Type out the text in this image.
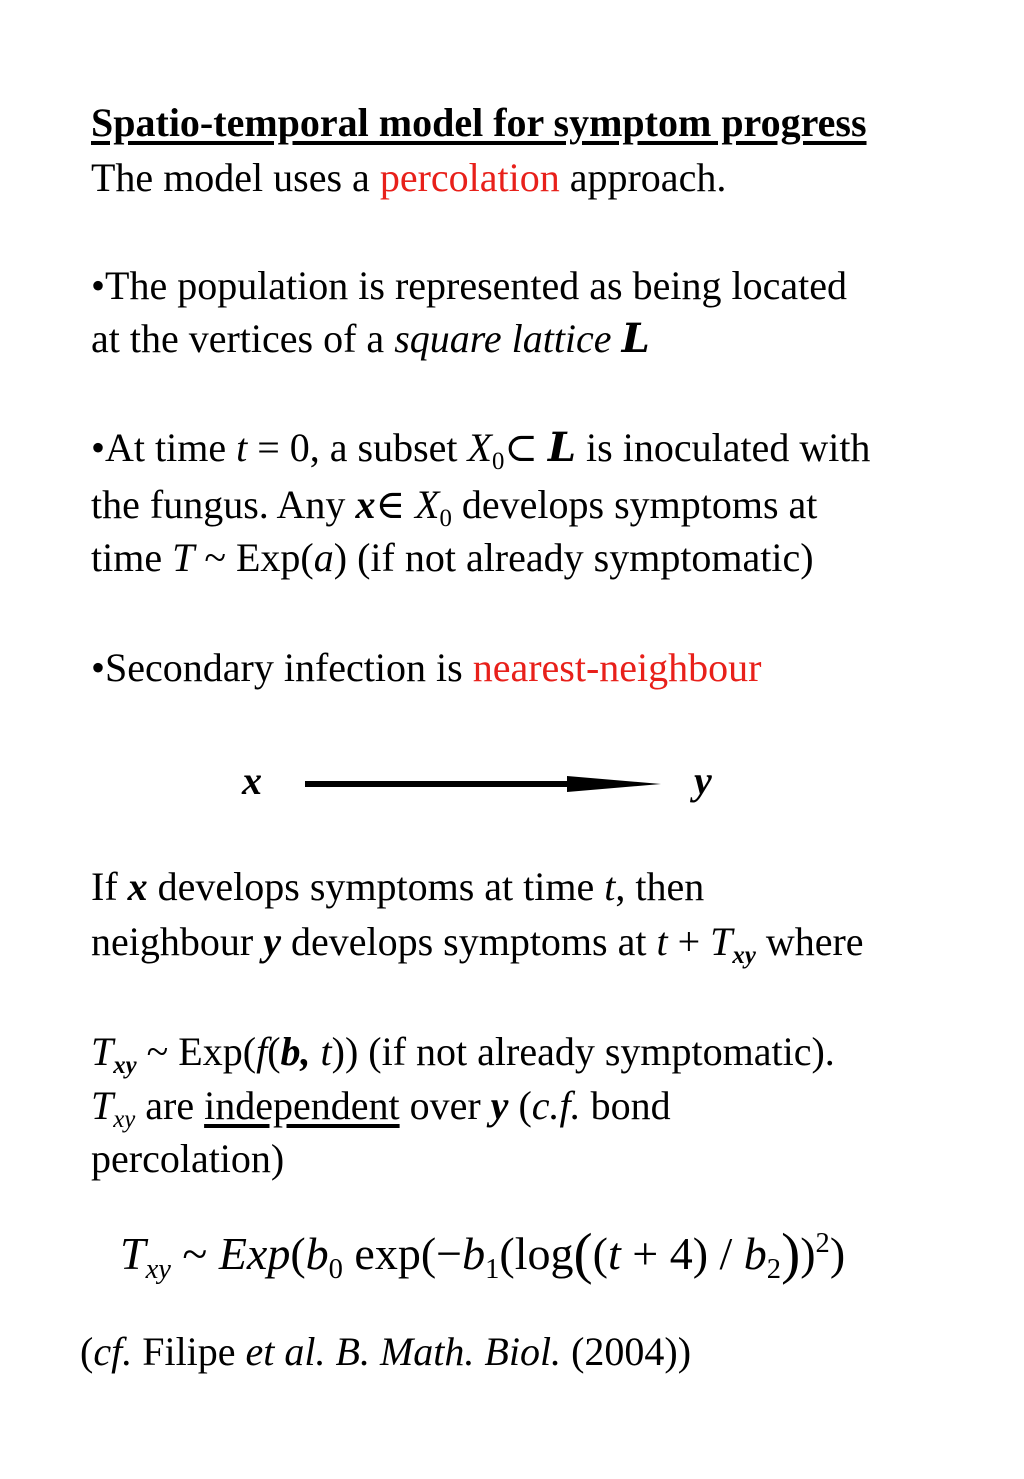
Spatio-temporal model for symptom progress
The model uses a percolation approach.
•The population is represented as being located
at the vertices of a square lattice L
•At time t = 0, a subset $X_0\subset$ L is inoculated with
the fungus. Any x∈ $X_0$ develops symptoms at
time T ~ Exp(a) (if not already symptomatic)
•Secondary infection is nearest-neighbour
x	y
If x develops symptoms at time t, then
neighbour y develops symptoms at $t + T_{xy}$ where
$T_{xy}$ ~ Exp(f(b, t)) (if not already symptomatic).
$T_{xy}$ are independent over y (c.f. bond
percolation)
$T_{xy}$ ~ $Exp(b_0$ $\exp(-b_1(\log((t + 4) / b_2))^2)$
(cf. Filipe et al. B. Math. Biol. (2004))
